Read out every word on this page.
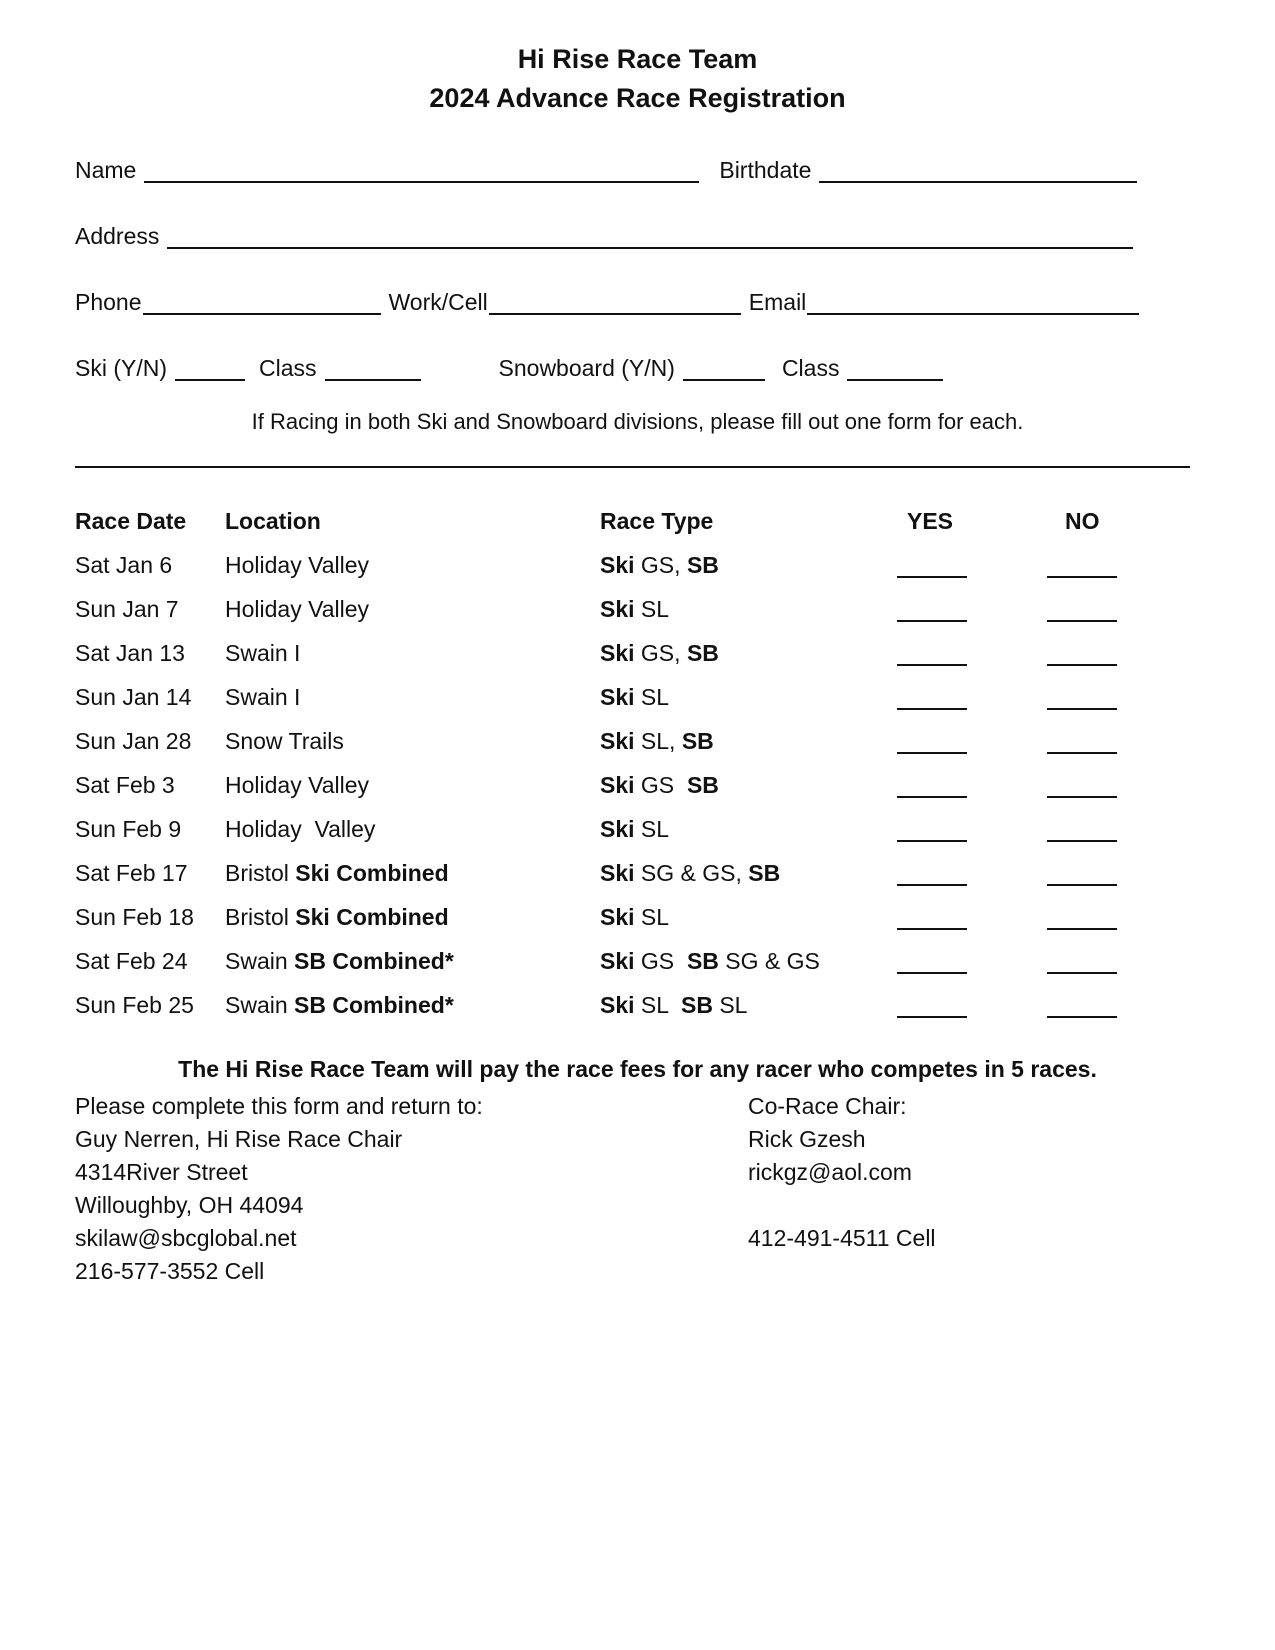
Hi Rise Race Team
2024 Advance Race Registration
Name	Birthdate
Address
Phone	Work/Cell	Email
Ski (Y/N)	Class	Snowboard (Y/N)	Class
If Racing in both Ski and Snowboard divisions, please fill out one form for each.
Race Date Location	Race Type	YES	NO
Sat Jan 6 Holiday Valley	Ski GS, SB
Sun Jan 7 Holiday Valley	Ski SL
Sat Jan 13 Swain I	Ski GS, SB
Sun Jan 14 Swain I	Ski SL
Sun Jan 28 Snow Trails	Ski SL, SB
Sat Feb 3 Holiday Valley	Ski GS  SB
Sun Feb 9 Holiday  Valley	Ski SL
Sat Feb 17 Bristol Ski Combined	Ski SG & GS, SB
Sun Feb 18 Bristol Ski Combined	Ski SL
Sat Feb 24 Swain SB Combined*	Ski GS  SB SG & GS
Sun Feb 25 Swain SB Combined*	Ski SL  SB SL
The Hi Rise Race Team will pay the race fees for any racer who competes in 5 races.
Please complete this form and return to:
Guy Nerren, Hi Rise Race Chair
4314River Street
Willoughby, OH 44094
skilaw@sbcglobal.net
216-577-3552 Cell
Co-Race Chair:
Rick Gzesh
rickgz@aol.com
412-491-4511 Cell
